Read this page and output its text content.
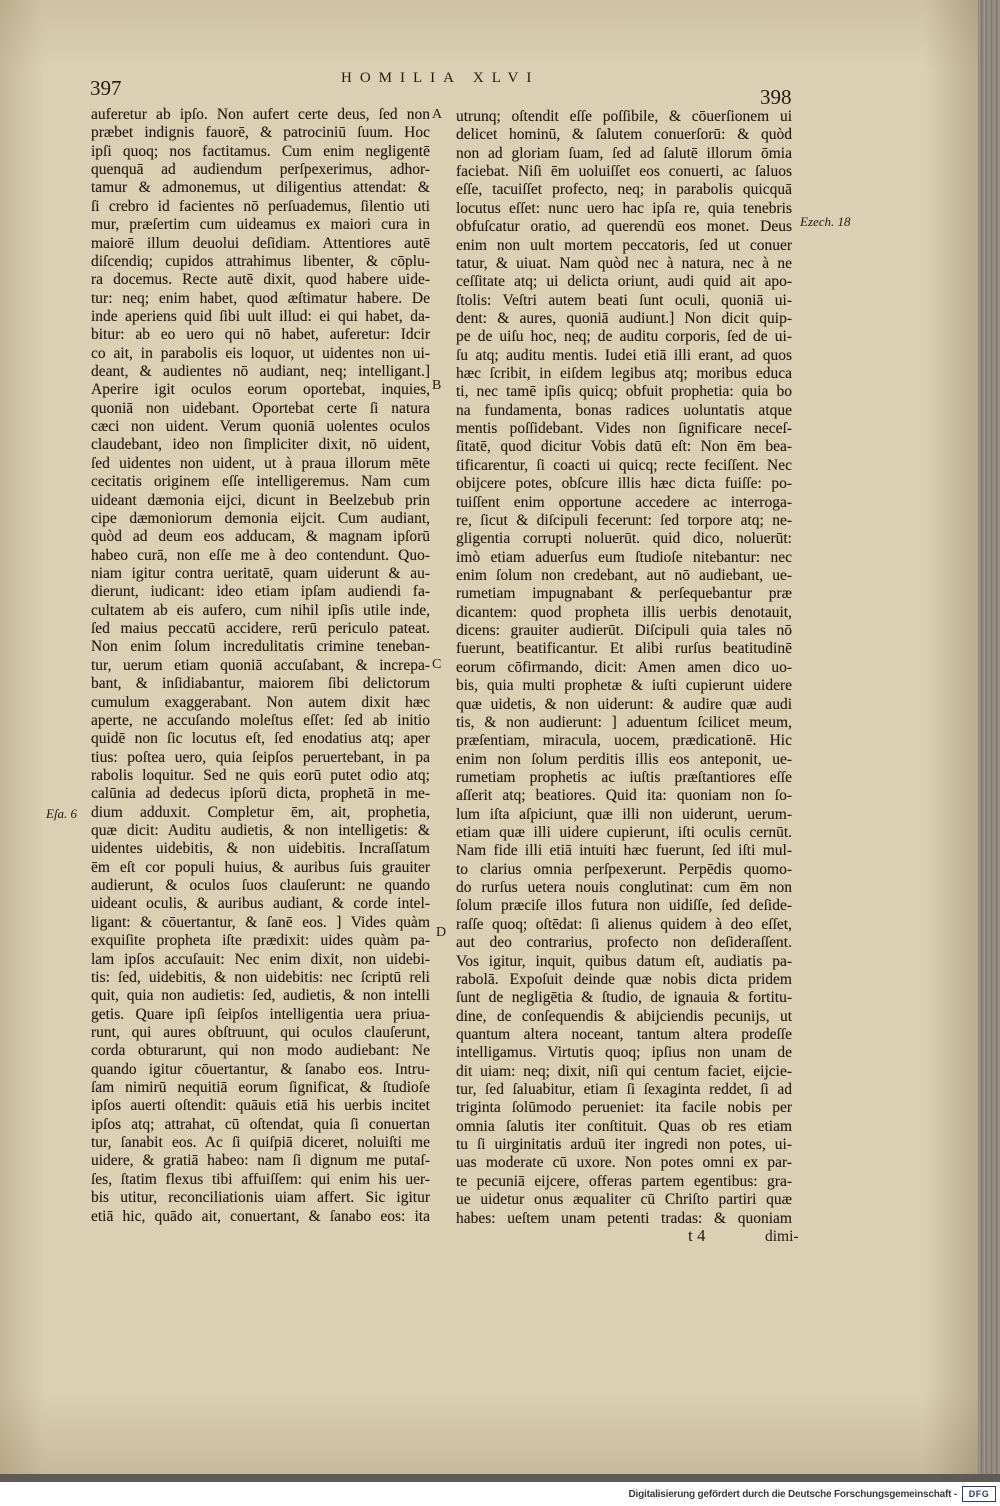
397	HOMILIA XLVI
398
auferetur ab ipſo. Non aufert certe deus, ſed non
præbet indignis fauorē, & patrociniū ſuum. Hoc
ipſi quoq; nos factitamus. Cum enim negligentē
quenquā ad audiendum perſpexerimus, adhor-
tamur & admonemus, ut diligentius attendat: &
ſi crebro id facientes nō perſuademus, ſilentio uti
mur, præſertim cum uideamus ex maiori cura in
maiorē illum deuolui deſidiam. Attentiores autē
diſcendiq; cupidos attrahimus libenter, & cōplu-
ra docemus. Recte autē dixit, quod habere uide-
tur: neq; enim habet, quod æſtimatur habere. De
inde aperiens quid ſibi uult illud: ei qui habet, da-
bitur: ab eo uero qui nō habet, auferetur: Idcir
co ait, in parabolis eis loquor, ut uidentes non ui-
deant, & audientes nō audiant, neq; intelligant.]
Aperire igit oculos eorum oportebat, inquies,
quoniā non uidebant. Oportebat certe ſi natura
cæci non uident. Verum quoniā uolentes oculos
claudebant, ideo non ſimpliciter dixit, nō uident,
ſed uidentes non uident, ut à praua illorum mēte
cecitatis originem eſſe intelligeremus. Nam cum
uideant dæmonia eijci, dicunt in Beelzebub prin
cipe dæmoniorum demonia eijcit. Cum audiant,
quòd ad deum eos adducam, & magnam ipſorū
habeo curā, non eſſe me à deo contendunt. Quo-
niam igitur contra ueritatē, quam uiderunt & au-
dierunt, iudicant: ideo etiam ipſam audiendi fa-
cultatem ab eis aufero, cum nihil ipſis utile inde,
ſed maius peccatū accidere, rerū periculo pateat.
Non enim ſolum incredulitatis crimine teneban-
tur, uerum etiam quoniā accuſabant, & increpa-
bant, & inſidiabantur, maiorem ſibi delictorum
cumulum exaggerabant. Non autem dixit hæc
aperte, ne accuſando moleſtus eſſet: ſed ab initio
quidē non ſic locutus eſt, ſed enodatius atq; aper
tius: poſtea uero, quia ſeipſos peruertebant, in pa
rabolis loquitur. Sed ne quis eorū putet odio atq;
calūnia ad dedecus ipſorū dicta, prophetā in me-
dium adduxit. Completur ēm, ait, prophetia,
quæ dicit: Auditu audietis, & non intelligetis: &
uidentes uidebitis, & non uidebitis. Incraſſatum
ēm eſt cor populi huius, & auribus ſuis grauiter
audierunt, & oculos ſuos clauſerunt: ne quando
uideant oculis, & auribus audiant, & corde intel-
ligant: & cōuertantur, & ſanē eos. ] Vides quàm
exquiſite propheta iſte prædixit: uides quàm pa-
lam ipſos accuſauit: Nec enim dixit, non uidebi-
tis: ſed, uidebitis, & non uidebitis: nec ſcriptū reli
quit, quia non audietis: ſed, audietis, & non intelli
getis. Quare ipſi ſeipſos intelligentia uera priua-
runt, qui aures obſtruunt, qui oculos clauſerunt,
corda obturarunt, qui non modo audiebant: Ne
quando igitur cōuertantur, & ſanabo eos. Intru-
ſam nimirū nequitiā eorum ſignificat, & ſtudioſe
ipſos auerti oſtendit: quāuis etiā his uerbis incitet
ipſos atq; attrahat, cū oſtendat, quia ſi conuertan
tur, ſanabit eos. Ac ſi quiſpiā diceret, noluiſti me
uidere, & gratiā habeo: nam ſi dignum me putaſ-
ſes, ſtatim flexus tibi affuiſſem: qui enim his uer-
bis utitur, reconciliationis uiam affert. Sic igitur
etiā hic, quādo ait, conuertant, & ſanabo eos: ita
utrunq; oſtendit eſſe poſſibile, & cōuerſionem ui
delicet hominū, & ſalutem conuerſorū: & quòd
non ad gloriam ſuam, ſed ad ſalutē illorum ōmia
faciebat. Niſi ēm uoluiſſet eos conuerti, ac ſaluos
eſſe, tacuiſſet profecto, neq; in parabolis quicquā
locutus eſſet: nunc uero hac ipſa re, quia tenebris
obfuſcatur oratio, ad querendū eos monet. Deus
enim non uult mortem peccatoris, ſed ut conuer
tatur, & uiuat. Nam quòd nec à natura, nec à ne
ceſſitate atq; ui delicta oriunt, audi quid ait apo-
ſtolis: Veſtri autem beati ſunt oculi, quoniā ui-
dent: & aures, quoniā audiunt.] Non dicit quip-
pe de uiſu hoc, neq; de auditu corporis, ſed de ui-
ſu atq; auditu mentis. Iudei etiā illi erant, ad quos
hæc ſcribit, in eiſdem legibus atq; moribus educa
ti, nec tamē ipſis quicq; obfuit prophetia: quia bo
na fundamenta, bonas radices uoluntatis atque
mentis poſſidebant. Vides non ſignificare neceſ-
ſitatē, quod dicitur Vobis datū eſt: Non ēm bea-
tificarentur, ſi coacti ui quicq; recte feciſſent. Nec
obijcere potes, obſcure illis hæc dicta fuiſſe: po-
tuiſſent enim opportune accedere ac interroga-
re, ſicut & diſcipuli fecerunt: ſed torpore atq; ne-
gligentia corrupti noluerūt. quid dico, noluerūt:
imò etiam aduerſus eum ſtudioſe nitebantur: nec
enim ſolum non credebant, aut nō audiebant, ue-
rumetiam impugnabant & perſequebantur præ
dicantem: quod propheta illis uerbis denotauit,
dicens: grauiter audierūt. Diſcipuli quia tales nō
fuerunt, beatificantur. Et alibi rurſus beatitudinē
eorum cōfirmando, dicit: Amen amen dico uo-
bis, quia multi prophetæ & iuſti cupierunt uidere
quæ uidetis, & non uiderunt: & audire quæ audi
tis, & non audierunt: ] aduentum ſcilicet meum,
præſentiam, miracula, uocem, prædicationē. Hic
enim non ſolum perditis illis eos anteponit, ue-
rumetiam prophetis ac iuſtis præſtantiores eſſe
aſſerit atq; beatiores. Quid ita: quoniam non ſo-
lum iſta aſpiciunt, quæ illi non uiderunt, uerum-
etiam quæ illi uidere cupierunt, iſti oculis cernūt.
Nam fide illi etiā intuiti hæc fuerunt, ſed iſti mul-
to clarius omnia perſpexerunt. Perpēdis quomo-
do rurſus uetera nouis conglutinat: cum ēm non
ſolum præciſe illos futura non uidiſſe, ſed deſide-
raſſe quoq; oſtēdat: ſi alienus quidem à deo eſſet,
aut deo contrarius, profecto non deſideraſſent.
Vos igitur, inquit, quibus datum eſt, audiatis pa-
rabolā. Expoſuit deinde quæ nobis dicta pridem
ſunt de negligētia & ſtudio, de ignauia & fortitu-
dine, de conſequendis & abijciendis pecunijs, ut
quantum altera noceant, tantum altera prodeſſe
intelligamus. Virtutis quoq; ipſius non unam de
dit uiam: neq; dixit, niſi qui centum faciet, eijcie-
tur, ſed ſaluabitur, etiam ſi ſexaginta reddet, ſi ad
triginta ſolūmodo perueniet: ita facile nobis per
omnia ſalutis iter conſtituit. Quas ob res etiam
tu ſi uirginitatis arduū iter ingredi non potes, ui-
uas moderate cū uxore. Non potes omni ex par-
te pecuniā eijcere, offeras partem egentibus: gra-
ue uidetur onus æqualiter cū Chriſto partiri quæ
habes: ueſtem unam petenti tradas: & quoniam
A
B
C
D
Eſa. 6
Ezech. 18
t 4	dimi-
Digitalisierung gefördert durch die Deutsche Forschungsgemeinschaft -	DFG
